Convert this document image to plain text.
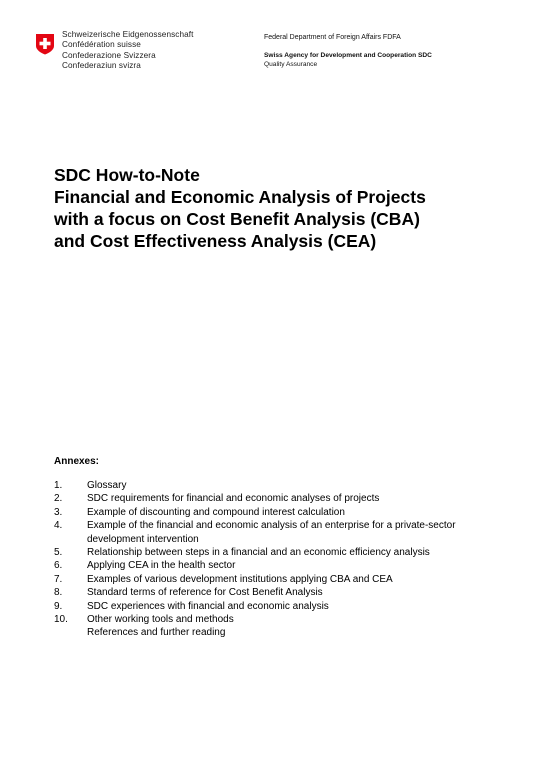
Schweizerische Eidgenossenschaft
Confédération suisse
Confederazione Svizzera
Confederaziun svizra
Federal Department of Foreign Affairs FDFA
Swiss Agency for Development and Cooperation SDC
Quality Assurance
SDC How-to-Note
Financial and Economic Analysis of Projects
with a focus on Cost Benefit Analysis (CBA)
and Cost Effectiveness Analysis (CEA)
Annexes:
1.	Glossary
2.	SDC requirements for financial and economic analyses of projects
3.	Example of discounting and compound interest calculation
4.	Example of the financial and economic analysis of an enterprise for a private-sector development intervention
5.	Relationship between steps in a financial and an economic efficiency analysis
6.	Applying CEA in the health sector
7.	Examples of various development institutions applying CBA and CEA
8.	Standard terms of reference for Cost Benefit Analysis
9.	SDC experiences with financial and economic analysis
10.	Other working tools and methods
References and further reading
